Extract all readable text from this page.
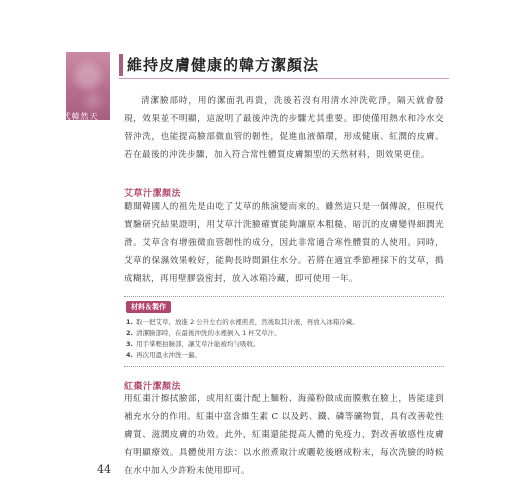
天然韓式美顏
維持皮膚健康的韓方潔顏法
清潔臉部時，用的潔面乳再貴，洗後若沒有用清水沖洗乾淨，隔天就會發現，效果並不明顯，這說明了最後沖洗的步驟尤其重要。即使僅用熱水和冷水交替沖洗，也能提高臉部微血管的韌性，促進血液循環，形成健康、紅潤的皮膚。若在最後的沖洗步驟，加入符合常性體質皮膚類型的天然材料，則效果更佳。
艾草汁潔顏法
聽聞韓國人的祖先是由吃了艾草的熊演變而來的。雖然這只是一個傳說，但現代實驗研究結果證明，用艾草汁洗臉確實能夠讓原本粗糙、暗沉的皮膚變得細潤光滑。艾草含有增強微血管韌性的成分，因此非常適合寒性體質的人使用。同時，艾草的保濕效果較好，能夠長時間鎖住水分。若將在適宜季節裡採下的艾草，搗成糊狀，再用壁膠袋密封，放入冰箱冷藏，即可使用一年。
材料＆製作
1. 取一把艾草，放進 2 公升左右的水裡煎煮，然後取其汁液，再放入冰箱冷藏。
2. 清潔臉部時，在最後沖洗的水裡倒入 1 杯艾草汁。
3. 用手掌輕拍臉部，讓艾草汁能被均勻吸收。
4. 再次用溫水沖洗一遍。
紅棗汁潔顏法
用紅棗汁擦拭臉部，或用紅棗汁配上麵粉、海藻粉做成面膜敷在臉上，皆能達到補充水分的作用。紅棗中富含維生素 C 以及鈣、鐵、磷等礦物質，具有改善乾性膚質、滋潤皮膚的功效。此外，紅棗還能提高人體的免疫力，對改善敏感性皮膚有明顯療效。具體使用方法：以水煎煮取汁或曬乾後磨成粉末，每次洗臉的時候在水中加入少許粉末使用即可。
44
